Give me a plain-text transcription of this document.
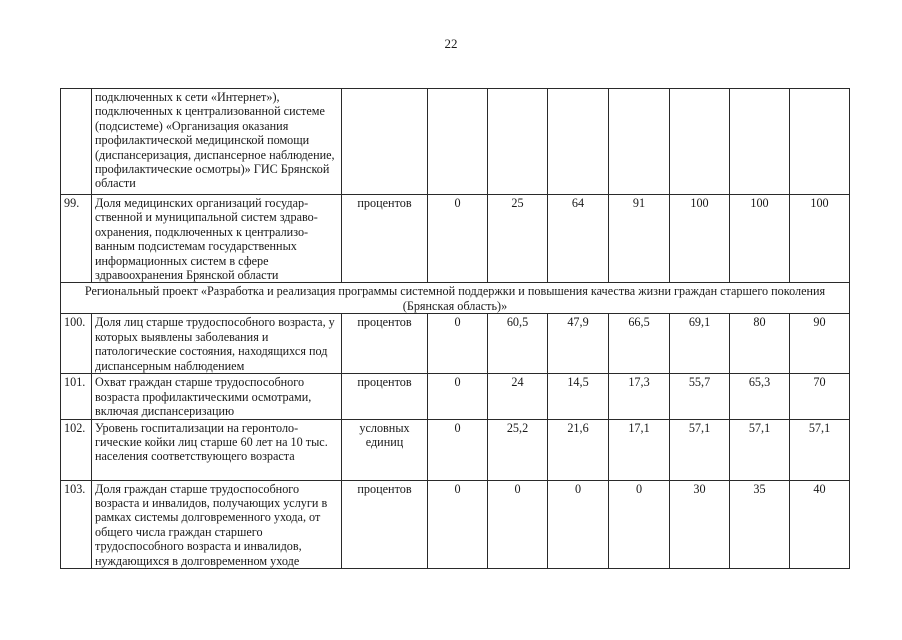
22
	подключенных к сети «Интернет»), подключенных к централизованной системе (подсистеме) «Организация оказания профилактической медицинской помощи (диспансеризация, диспансерное наблюдение, профилактические осмотры)» ГИС Брянской области								
99.	Доля медицинских организаций государ-ственной и муниципальной систем здраво-охранения, подключенных к централизо-ванным подсистемам государственных информационных систем в сфере здравоохранения Брянской области	процентов	0	25	64	91	100	100	100
Региональный проект «Разработка и реализация программы системной поддержки и повышения качества жизни граждан старшего поколения (Брянская область)»									
100.	Доля лиц старше трудоспособного возраста, у которых выявлены заболевания и патологические состояния, находящихся под диспансерным наблюдением	процентов	0	60,5	47,9	66,5	69,1	80	90
101.	Охват граждан старше трудоспособного возраста профилактическими осмотрами, включая диспансеризацию	процентов	0	24	14,5	17,3	55,7	65,3	70
102.	Уровень госпитализации на геронтоло-гические койки лиц старше 60 лет на 10 тыс. населения соответствующего возраста	условных единиц	0	25,2	21,6	17,1	57,1	57,1	57,1
103.	Доля граждан старше трудоспособного возраста и инвалидов, получающих услуги в рамках системы долговременного ухода, от общего числа граждан старшего трудоспособного возраста и инвалидов, нуждающихся в долговременном уходе	процентов	0	0	0	0	30	35	40
